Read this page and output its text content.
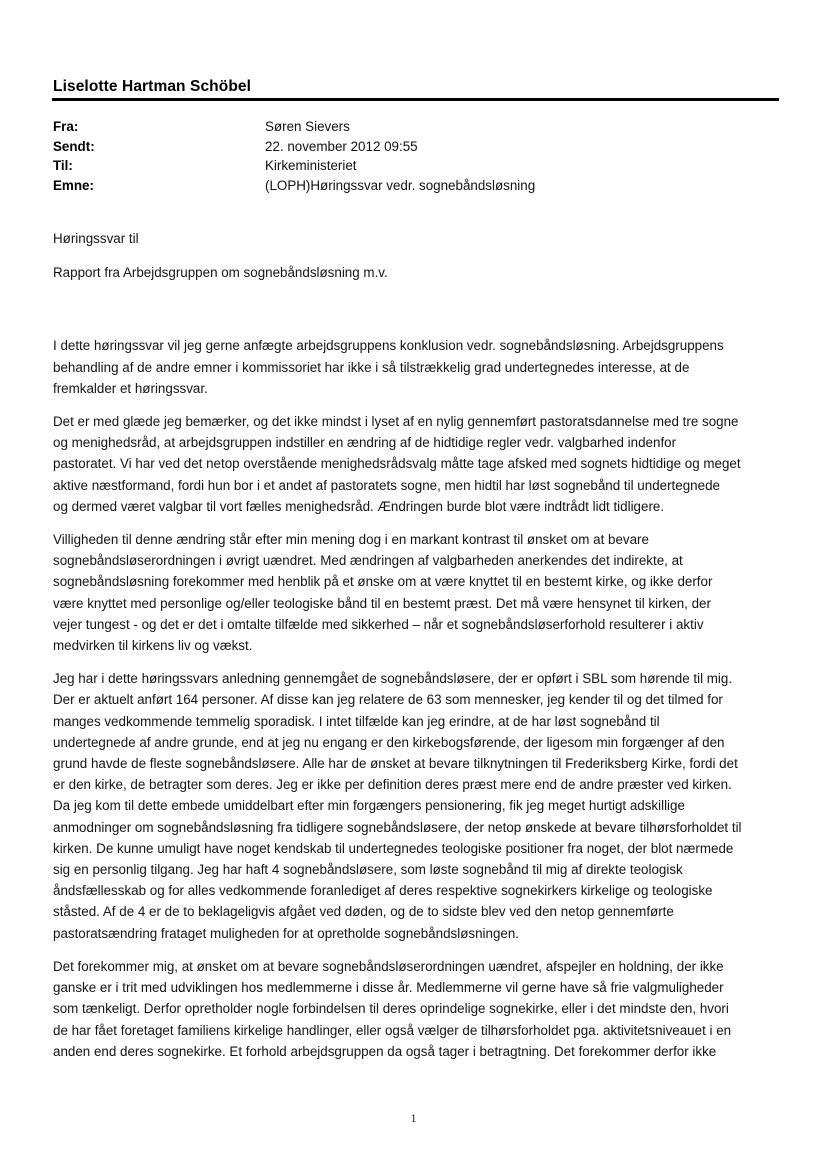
Liselotte Hartman Schöbel
Fra:	Søren Sievers
Sendt:	22. november 2012 09:55
Til:	Kirkeministeriet
Emne:	(LOPH)Høringssvar vedr. sognebåndsløsning

Høringssvar til

Rapport fra Arbejdsgruppen om sognebåndsløsning m.v.

I dette høringssvar vil jeg gerne anfægte arbejdsgruppens konklusion vedr. sognebåndsløsning. Arbejdsgruppens
behandling af de andre emner i kommissoriet har ikke i så tilstrækkelig grad undertegnedes interesse, at de
fremkalder et høringssvar.

Det er med glæde jeg bemærker, og det ikke mindst i lyset af en nylig gennemført pastoratsdannelse med tre sogne
og menighedsråd, at arbejdsgruppen indstiller en ændring af de hidtidige regler vedr. valgbarhed indenfor
pastoratet. Vi har ved det netop overstående menighedsrådsvalg måtte tage afsked med sognets hidtidige og meget
aktive næstformand, fordi hun bor i et andet af pastoratets sogne, men hidtil har løst sognebånd til undertegnede
og dermed været valgbar til vort fælles menighedsråd. Ændringen burde blot være indtrådt lidt tidligere.

Villigheden til denne ændring står efter min mening dog i en markant kontrast til ønsket om at bevare
sognebåndsløserordningen i øvrigt uændret. Med ændringen af valgbarheden anerkendes det indirekte, at
sognebåndsløsning forekommer med henblik på et ønske om at være knyttet til en bestemt kirke, og ikke derfor
være knyttet med personlige og/eller teologiske bånd til en bestemt præst. Det må være hensynet til kirken, der
vejer tungest - og det er det i omtalte tilfælde med sikkerhed – når et sognebåndsløserforhold resulterer i aktiv
medvirken til kirkens liv og vækst.

Jeg har i dette høringssvars anledning gennemgået de sognebåndsløsere, der er opført i SBL som hørende til mig.
Der er aktuelt anført 164 personer. Af disse kan jeg relatere de 63 som mennesker, jeg kender til og det tilmed for
manges vedkommende temmelig sporadisk. I intet tilfælde kan jeg erindre, at de har løst sognebånd til
undertegnede af andre grunde, end at jeg nu engang er den kirkebogsførende, der ligesom min forgænger af den
grund havde de fleste sognebåndsløsere. Alle har de ønsket at bevare tilknytningen til Frederiksberg Kirke, fordi det
er den kirke, de betragter som deres. Jeg er ikke per definition deres præst mere end de andre præster ved kirken.
Da jeg kom til dette embede umiddelbart efter min forgængers pensionering, fik jeg meget hurtigt adskillige
anmodninger om sognebåndsløsning fra tidligere sognebåndsløsere, der netop ønskede at bevare tilhørsforholdet til
kirken. De kunne umuligt have noget kendskab til undertegnedes teologiske positioner fra noget, der blot nærmede
sig en personlig tilgang. Jeg har haft 4 sognebåndsløsere, som løste sognebånd til mig af direkte teologisk
åndsfællesskab og for alles vedkommende foranlediget af deres respektive sognekirkers kirkelige og teologiske
ståsted. Af de 4 er de to beklageligvis afgået ved døden, og de to sidste blev ved den netop gennemførte
pastoratsændring frataget muligheden for at opretholde sognebåndsløsningen.

Det forekommer mig, at ønsket om at bevare sognebåndsløserordningen uændret, afspejler en holdning, der ikke
ganske er i trit med udviklingen hos medlemmerne i disse år. Medlemmerne vil gerne have så frie valgmuligheder
som tænkeligt. Derfor opretholder nogle forbindelsen til deres oprindelige sognekirke, eller i det mindste den, hvori
de har fået foretaget familiens kirkelige handlinger, eller også vælger de tilhørsforholdet pga. aktivitetsniveauet i en
anden end deres sognekirke. Et forhold arbejdsgruppen da også tager i betragtning. Det forekommer derfor ikke

1
